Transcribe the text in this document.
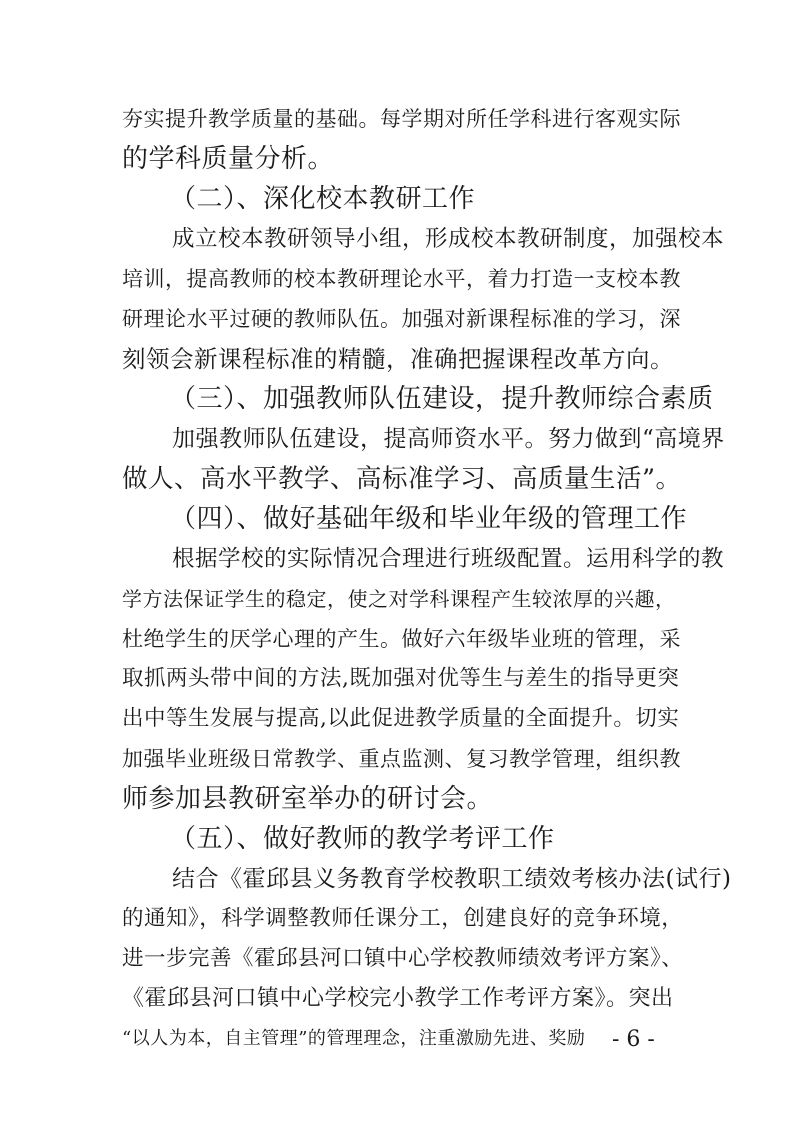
夯实提升教学质量的基础。每学期对所任学科进行客观实际
的学科质量分析。
（二）、深化校本教研工作
成立校本教研领导小组，形成校本教研制度，加强校本
培训，提高教师的校本教研理论水平，着力打造一支校本教
研理论水平过硬的教师队伍。加强对新课程标准的学习，深
刻领会新课程标准的精髓，准确把握课程改革方向。
（三）、加强教师队伍建设，提升教师综合素质
加强教师队伍建设，提高师资水平。努力做到“高境界
做人、高水平教学、高标准学习、高质量生活”。
（四）、做好基础年级和毕业年级的管理工作
根据学校的实际情况合理进行班级配置。运用科学的教
学方法保证学生的稳定，使之对学科课程产生较浓厚的兴趣，
杜绝学生的厌学心理的产生。做好六年级毕业班的管理，采
取抓两头带中间的方法,既加强对优等生与差生的指导更突
出中等生发展与提高,以此促进教学质量的全面提升。切实
加强毕业班级日常教学、重点监测、复习教学管理，组织教
师参加县教研室举办的研讨会。
（五）、做好教师的教学考评工作
结合《霍邱县义务教育学校教职工绩效考核办法(试行)
的通知》，科学调整教师任课分工，创建良好的竞争环境，
进一步完善《霍邱县河口镇中心学校教师绩效考评方案》、
《霍邱县河口镇中心学校完小教学工作考评方案》。突出
“以人为本，自主管理”的管理理念，注重激励先进、奖励 - 6 -
